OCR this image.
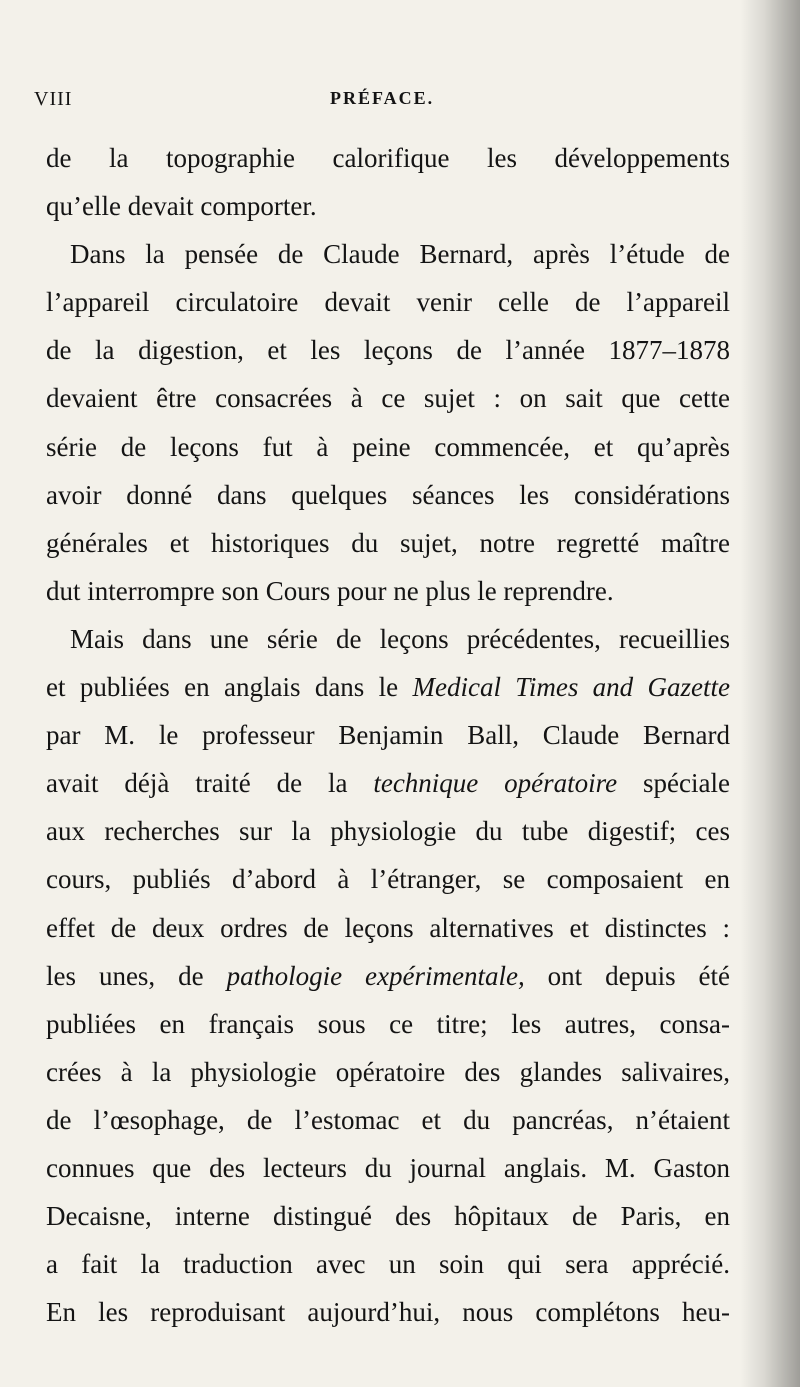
VIII	PRÉFACE.
de la topographie calorifique les développements
qu’elle devait comporter.
Dans la pensée de Claude Bernard, après l’étude de
l’appareil circulatoire devait venir celle de l’appareil
de la digestion, et les leçons de l’année 1877–1878
devaient être consacrées à ce sujet : on sait que cette
série de leçons fut à peine commencée, et qu’après
avoir donné dans quelques séances les considérations
générales et historiques du sujet, notre regretté maître
dut interrompre son Cours pour ne plus le reprendre.
Mais dans une série de leçons précédentes, recueillies
et publiées en anglais dans le Medical Times and Gazette
par M. le professeur Benjamin Ball, Claude Bernard
avait déjà traité de la technique opératoire spéciale
aux recherches sur la physiologie du tube digestif; ces
cours, publiés d’abord à l’étranger, se composaient en
effet de deux ordres de leçons alternatives et distinctes :
les unes, de pathologie expérimentale, ont depuis été
publiées en français sous ce titre; les autres, consa-
crées à la physiologie opératoire des glandes salivaires,
de l’œsophage, de l’estomac et du pancréas, n’étaient
connues que des lecteurs du journal anglais. M. Gaston
Decaisne, interne distingué des hôpitaux de Paris, en
a fait la traduction avec un soin qui sera apprécié.
En les reproduisant aujourd’hui, nous complétons heu-
